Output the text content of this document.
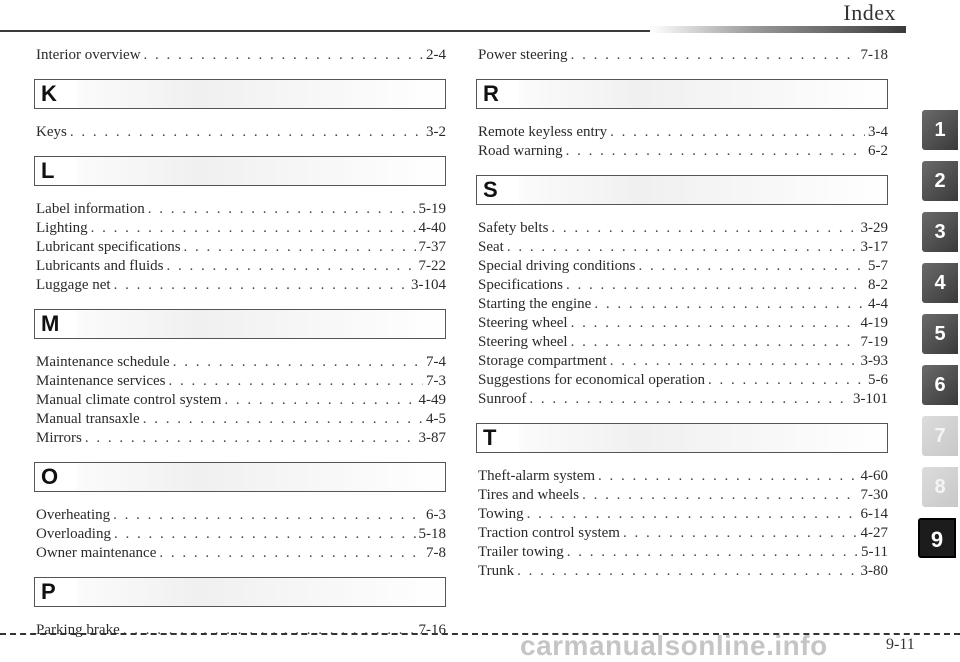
Index
Interior overview . . .	2-4
K
Keys . . .	3-2
L
Label information . . .	5-19
Lighting . . .	4-40
Lubricant specifications . . .	7-37
Lubricants and fluids . . .	7-22
Luggage net . . .	3-104
M
Maintenance schedule . . .	7-4
Maintenance services . . .	7-3
Manual climate control system . . .	4-49
Manual transaxle . . .	4-5
Mirrors . . .	3-87
O
Overheating . . .	6-3
Overloading . . .	5-18
Owner maintenance . . .	7-8
P
Parking brake . . .	7-16
Power steering . . .	7-18
R
Remote keyless entry . . .	3-4
Road warning . . .	6-2
S
Safety belts . . .	3-29
Seat . . .	3-17
Special driving conditions . . .	5-7
Specifications . . .	8-2
Starting the engine . . .	4-4
Steering wheel . . .	4-19
Steering wheel . . .	7-19
Storage compartment . . .	3-93
Suggestions for economical operation . . .	5-6
Sunroof . . .	3-101
T
Theft-alarm system . . .	4-60
Tires and wheels . . .	7-30
Towing . . .	6-14
Traction control system . . .	4-27
Trailer towing . . .	5-11
Trunk . . .	3-80
1
2
3
4
5
6
7
8
9
carmanualsonline.info	9-11
